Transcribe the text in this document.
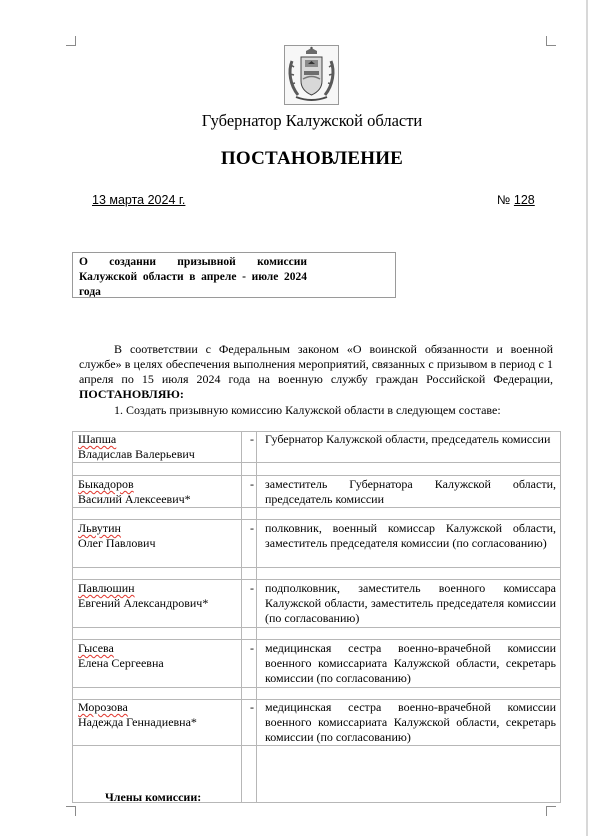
Губернатор Калужской области
ПОСТАНОВЛЕНИЕ
13 марта 2024 г.	№ 128
О созданни призывной комиссии Калужской области в апреле - июле 2024 года
В соответствии с Федеральным законом «О воинской обязанности и военной службе» в целях обеспечения выполнения мероприятий, связанных с призывом в период с 1 апреля по 15 июля 2024 года на военную службу граждан Российской Федерации, ПОСТАНОВЛЯЮ:
1. Создать призывную комиссию Калужской области в следующем составе:
Шапша
Владислав Валерьевич
- Губернатор Калужской области, председатель комиссии
Быкадоров
Василий Алексеевич*
- заместитель Губернатора Калужской области, председатель комиссии
Львутин
Олег Павлович
- полковник, военный комиссар Калужской области, заместитель председателя комиссии (по согласованию)
Павлюшин
Евгений Александрович*
- подполковник, заместитель военного комиссара Калужской области, заместитель председателя комиссии (по согласованию)
Гысева
Елена Сергеевна
- медицинская сестра военно-врачебной комиссии военного комиссариата Калужской области, секретарь комиссии (по согласованию)
Морозова
Надежда Геннадиевна*
- медицинская сестра военно-врачебной комиссии военного комиссариата Калужской области, секретарь комиссии (по согласованию)
Члены комиссии:
